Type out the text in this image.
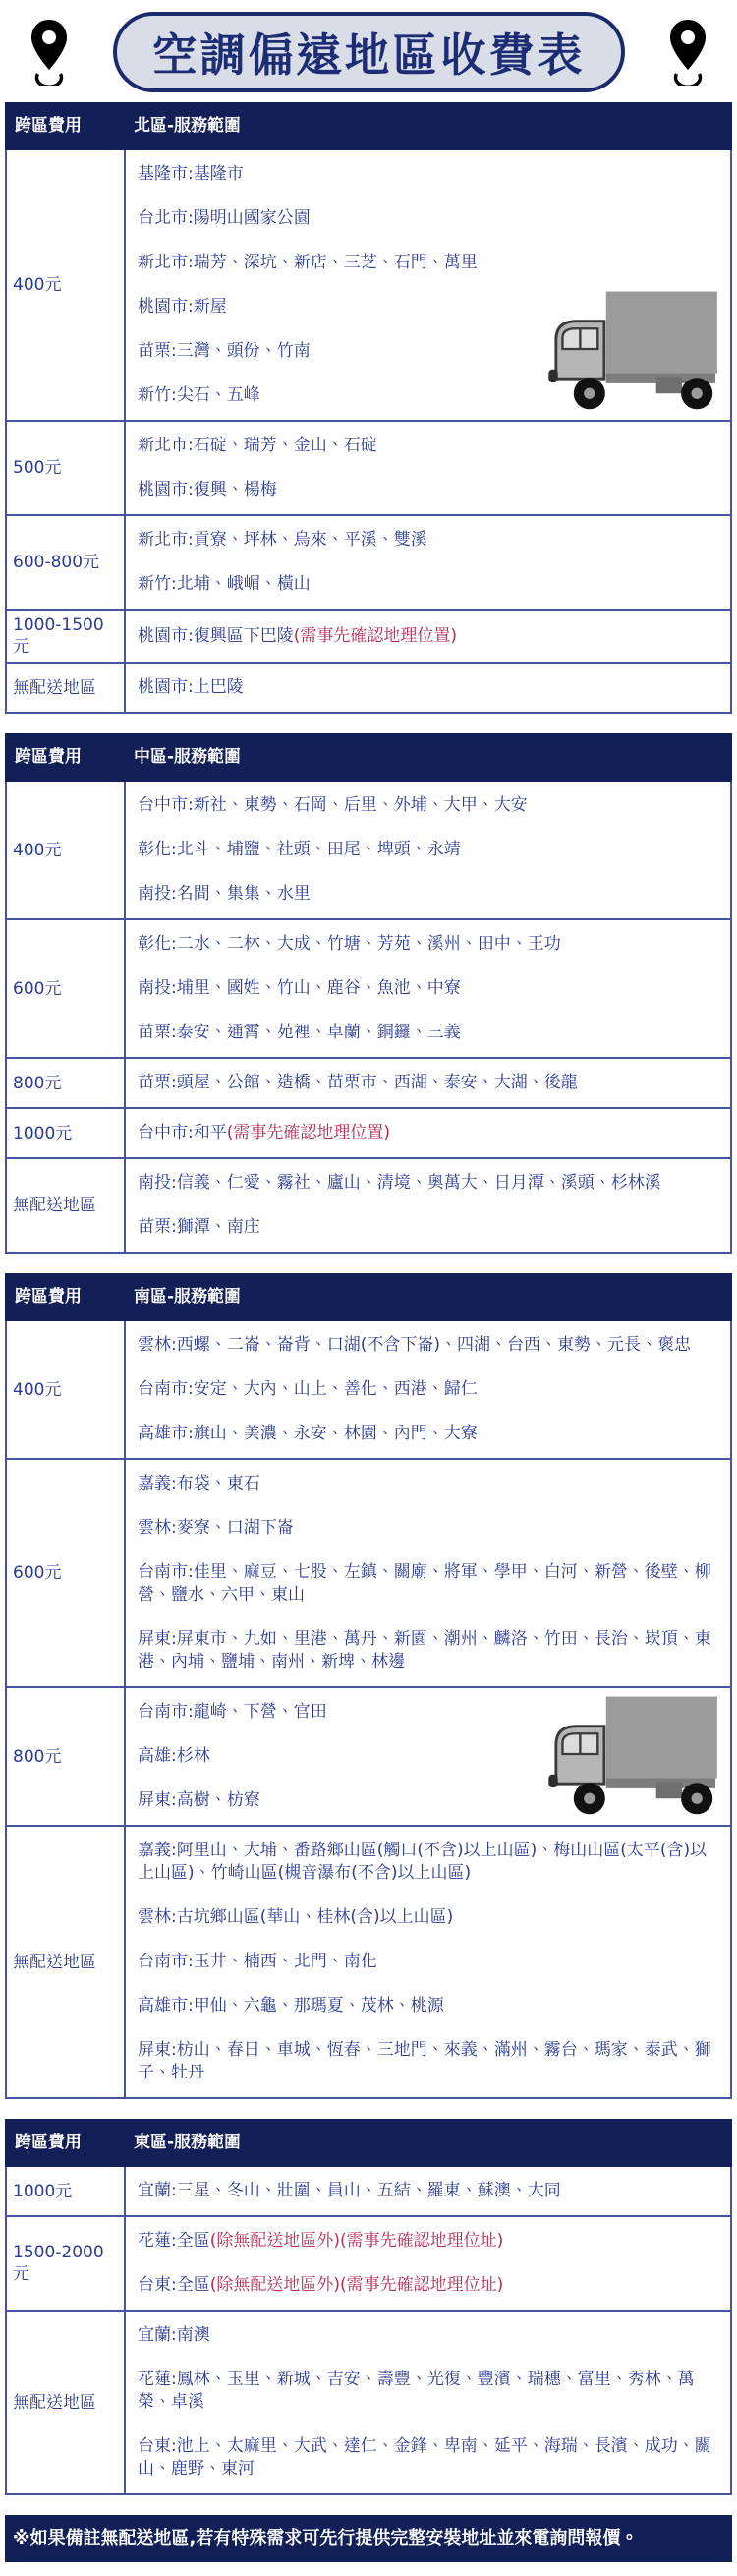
空調偏遠地區收費表
跨區費用	北區-服務範圍
400元	
基隆市:基隆市
台北市:陽明山國家公園
新北市:瑞芳、深坑、新店、三芝、石門、萬里
桃園市:新屋
苗栗:三灣、頭份、竹南
新竹:尖石、五峰

500元	新北市:石碇、瑞芳、金山、石碇
桃園市:復興、楊梅

600-800元	新北市:貢寮、坪林、烏來、平溪、雙溪
新竹:北埔、峨嵋、橫山

1000-1500元	桃園市:復興區下巴陵(需事先確認地理位置)

無配送地區	桃園市:上巴陵
跨區費用	中區-服務範圍
400元	台中市:新社、東勢、石岡、后里、外埔、大甲、大安
彰化:北斗、埔鹽、社頭、田尾、埤頭、永靖
南投:名間、集集、水里

600元	彰化:二水、二林、大成、竹塘、芳苑、溪州、田中、王功
南投:埔里、國姓、竹山、鹿谷、魚池、中寮
苗栗:泰安、通霄、苑裡、卓蘭、銅鑼、三義

800元	苗栗:頭屋、公館、造橋、苗栗市、西湖、泰安、大湖、後龍

1000元	台中市:和平(需事先確認地理位置)

無配送地區	南投:信義、仁愛、霧社、廬山、清境、奧萬大、日月潭、溪頭、杉林溪
苗栗:獅潭、南庄
跨區費用	南區-服務範圍
400元	雲林:西螺、二崙、崙背、口湖(不含下崙)、四湖、台西、東勢、元長、褒忠
台南市:安定、大內、山上、善化、西港、歸仁
高雄市:旗山、美濃、永安、林園、內門、大寮

600元	嘉義:布袋、東石
雲林:麥寮、口湖下崙
台南市:佳里、麻豆、七股、左鎮、關廟、將軍、學甲、白河、新營、後壁、柳營、鹽水、六甲、東山
屏東:屏東市、九如、里港、萬丹、新園、潮州、麟洛、竹田、長治、崁頂、東港、內埔、鹽埔、南州、新埤、林邊

800元	台南市:龍崎、下營、官田
高雄:杉林
屏東:高樹、枋寮

無配送地區	嘉義:阿里山、大埔、番路鄉山區(觸口(不含)以上山區)、梅山山區(太平(含)以上山區)、竹崎山區(槻音瀑布(不含)以上山區)
雲林:古坑鄉山區(華山、桂林(含)以上山區)
台南市:玉井、楠西、北門、南化
高雄市:甲仙、六龜、那瑪夏、茂林、桃源
屏東:枋山、春日、車城、恆春、三地門、來義、滿州、霧台、瑪家、泰武、獅子、牡丹
跨區費用	東區-服務範圍
1000元	宜蘭:三星、冬山、壯圍、員山、五結、羅東、蘇澳、大同

1500-2000元	花蓮:全區(除無配送地區外)(需事先確認地理位址)
台東:全區(除無配送地區外)(需事先確認地理位址)

無配送地區	宜蘭:南澳
花蓮:鳳林、玉里、新城、吉安、壽豐、光復、豐濱、瑞穗、富里、秀林、萬榮、卓溪
台東:池上、太麻里、大武、達仁、金鋒、卑南、延平、海瑞、長濱、成功、關山、鹿野、東河
※如果備註無配送地區,若有特殊需求可先行提供完整安裝地址並來電詢問報價。
